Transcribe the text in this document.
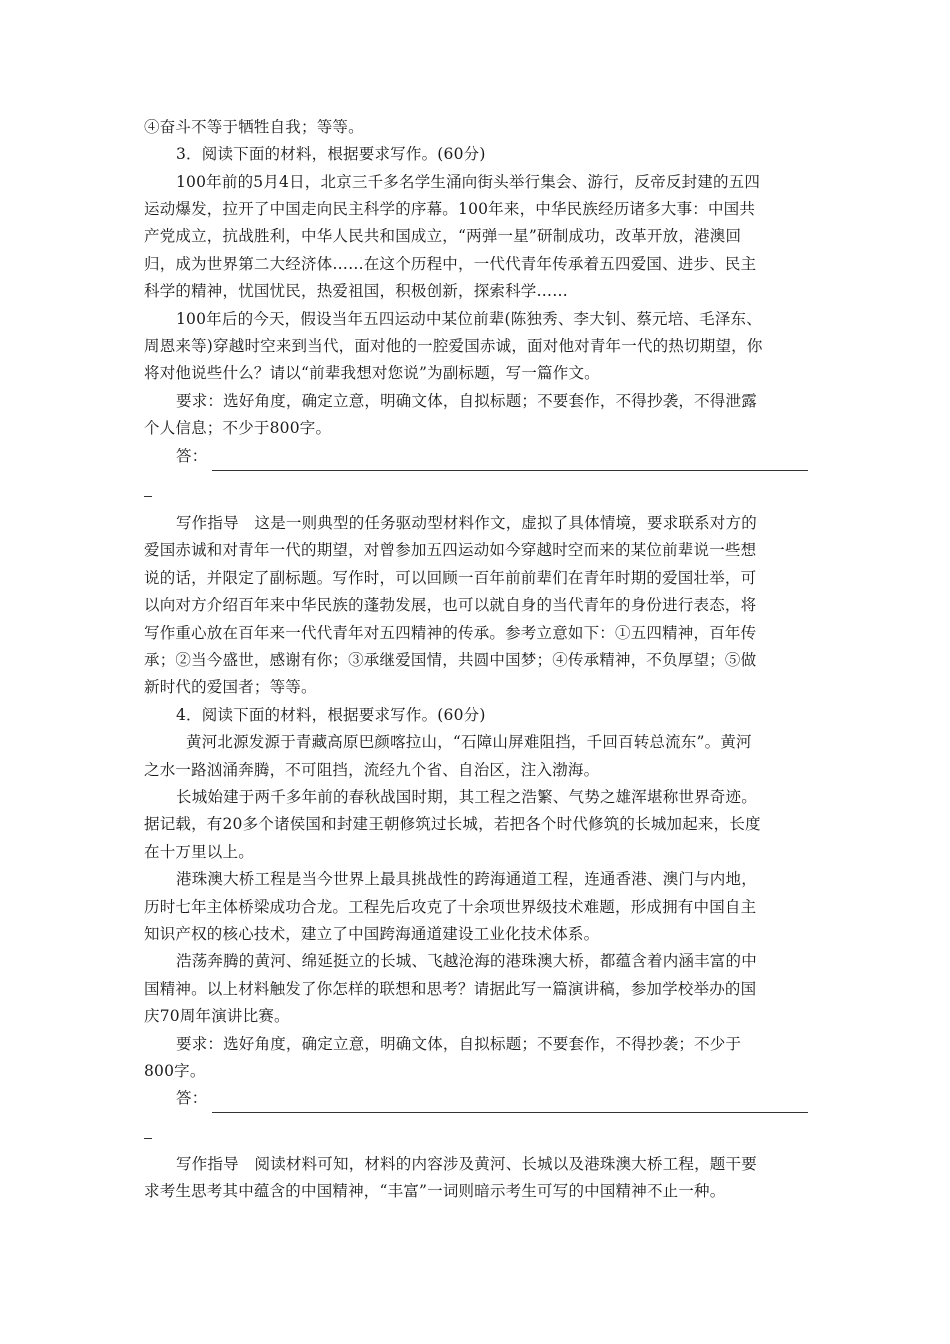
④奋斗不等于牺牲自我；等等。
3．阅读下面的材料，根据要求写作。(60分)
100年前的5月4日，北京三千多名学生涌向街头举行集会、游行，反帝反封建的五四
运动爆发，拉开了中国走向民主科学的序幕。100年来，中华民族经历诸多大事：中国共
产党成立，抗战胜利，中华人民共和国成立，“两弹一星”研制成功，改革开放，港澳回
归，成为世界第二大经济体……在这个历程中，一代代青年传承着五四爱国、进步、民主
科学的精神，忧国忧民，热爱祖国，积极创新，探索科学……
100年后的今天，假设当年五四运动中某位前辈(陈独秀、李大钊、蔡元培、毛泽东、
周恩来等)穿越时空来到当代，面对他的一腔爱国赤诚，面对他对青年一代的热切期望，你
将对他说些什么？请以“前辈我想对您说”为副标题，写一篇作文。
要求：选好角度，确定立意，明确文体，自拟标题；不要套作，不得抄袭，不得泄露
个人信息；不少于800字。
答：
写作指导　这是一则典型的任务驱动型材料作文，虚拟了具体情境，要求联系对方的
爱国赤诚和对青年一代的期望，对曾参加五四运动如今穿越时空而来的某位前辈说一些想
说的话，并限定了副标题。写作时，可以回顾一百年前前辈们在青年时期的爱国壮举，可
以向对方介绍百年来中华民族的蓬勃发展，也可以就自身的当代青年的身份进行表态，将
写作重心放在百年来一代代青年对五四精神的传承。参考立意如下：①五四精神，百年传
承；②当今盛世，感谢有你；③承继爱国情，共圆中国梦；④传承精神，不负厚望；⑤做
新时代的爱国者；等等。
4．阅读下面的材料，根据要求写作。(60分)
黄河北源发源于青藏高原巴颜喀拉山，“石障山屏难阻挡，千回百转总流东”。黄河
之水一路汹涌奔腾，不可阻挡，流经九个省、自治区，注入渤海。
长城始建于两千多年前的春秋战国时期，其工程之浩繁、气势之雄浑堪称世界奇迹。
据记载，有20多个诸侯国和封建王朝修筑过长城，若把各个时代修筑的长城加起来，长度
在十万里以上。
港珠澳大桥工程是当今世界上最具挑战性的跨海通道工程，连通香港、澳门与内地，
历时七年主体桥梁成功合龙。工程先后攻克了十余项世界级技术难题，形成拥有中国自主
知识产权的核心技术，建立了中国跨海通道建设工业化技术体系。
浩荡奔腾的黄河、绵延挺立的长城、飞越沧海的港珠澳大桥，都蕴含着内涵丰富的中
国精神。以上材料触发了你怎样的联想和思考？请据此写一篇演讲稿，参加学校举办的国
庆70周年演讲比赛。
要求：选好角度，确定立意，明确文体，自拟标题；不要套作，不得抄袭；不少于
800字。
答：
写作指导　阅读材料可知，材料的内容涉及黄河、长城以及港珠澳大桥工程，题干要
求考生思考其中蕴含的中国精神，“丰富”一词则暗示考生可写的中国精神不止一种。
